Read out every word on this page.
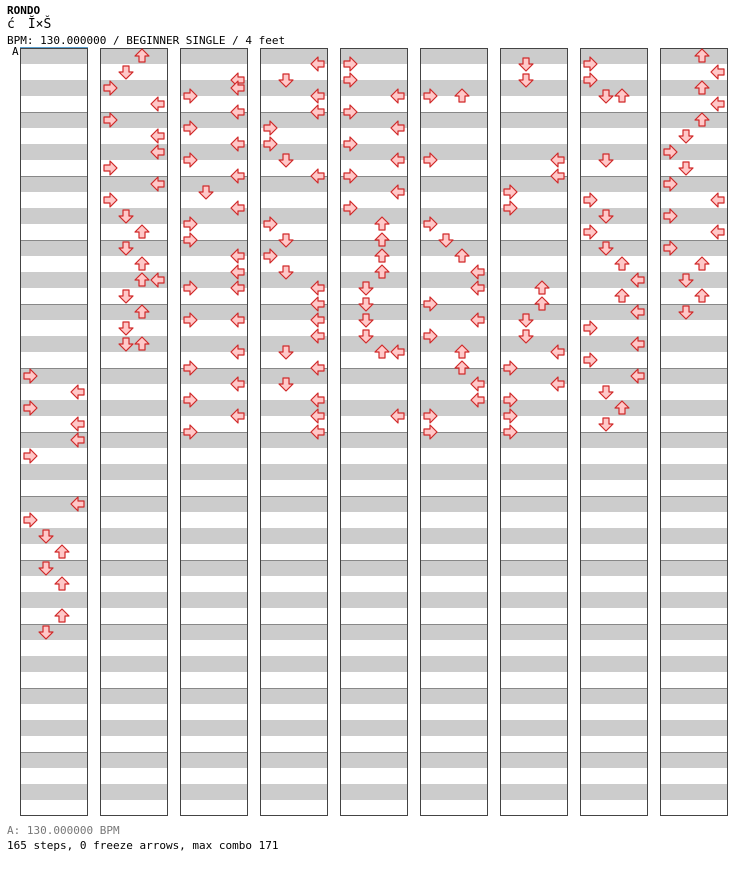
RONDO
ć　Ĭ×Š
BPM: 130.000000 / BEGINNER SINGLE / 4 feet
A
A: 130.000000 BPM
165 steps, 0 freeze arrows, max combo 171
